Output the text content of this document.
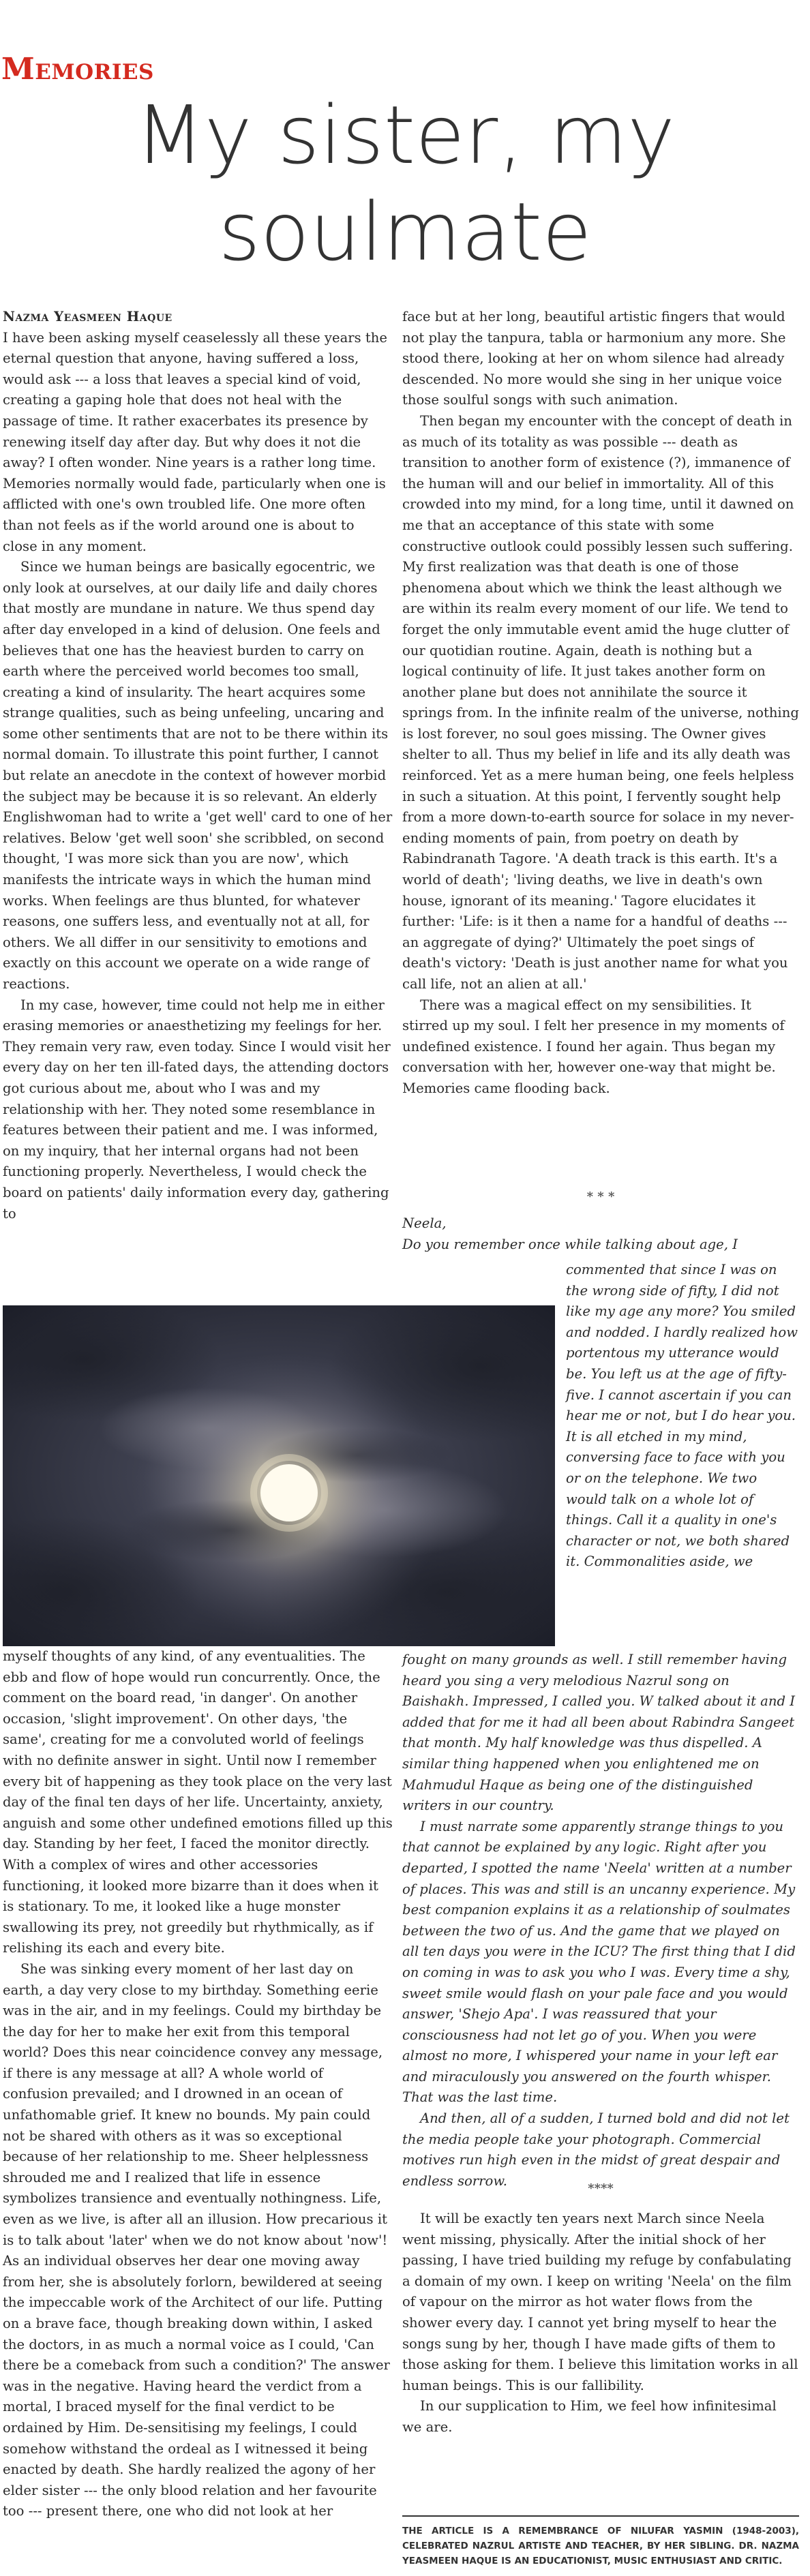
Memories
My sister, my
soulmate

Nazma Yeasmeen Haque

I have been asking myself ceaselessly all these years the eternal question that anyone, having suffered a loss, would ask --- a loss that leaves a special kind of void, creating a gaping hole that does not heal with the passage of time. It rather exacerbates its presence by renewing itself day after day. But why does it not die away? I often wonder. Nine years is a rather long time. Memories normally would fade, particularly when one is afflicted with one's own troubled life. One more often than not feels as if the world around one is about to close in any moment.

Since we human beings are basically egocentric, we only look at ourselves, at our daily life and daily chores that mostly are mundane in nature. We thus spend day after day enveloped in a kind of delusion. One feels and believes that one has the heaviest burden to carry on earth where the perceived world becomes too small, creating a kind of insularity. The heart acquires some strange qualities, such as being unfeeling, uncaring and some other sentiments that are not to be there within its normal domain. To illustrate this point further, I cannot but relate an anecdote in the context of however morbid the subject may be because it is so relevant. An elderly Englishwoman had to write a 'get well' card to one of her relatives. Below 'get well soon' she scribbled, on second thought, 'I was more sick than you are now', which manifests the intricate ways in which the human mind works. When feelings are thus blunted, for whatever reasons, one suffers less, and eventually not at all, for others. We all differ in our sensitivity to emotions and exactly on this account we operate on a wide range of reactions.

In my case, however, time could not help me in either erasing memories or anaesthetizing my feelings for her. They remain very raw, even today. Since I would visit her every day on her ten ill-fated days, the attending doctors got curious about me, about who I was and my relationship with her. They noted some resemblance in features between their patient and me. I was informed, on my inquiry, that her internal organs had not been functioning properly. Nevertheless, I would check the board on patients' daily information every day, gathering to

face but at her long, beautiful artistic fingers that would not play the tanpura, tabla or harmonium any more. She stood there, looking at her on whom silence had already descended. No more would she sing in her unique voice those soulful songs with such animation.

Then began my encounter with the concept of death in as much of its totality as was possible --- death as transition to another form of existence (?), immanence of the human will and our belief in immortality. All of this crowded into my mind, for a long time, until it dawned on me that an acceptance of this state with some constructive outlook could possibly lessen such suffering. My first realization was that death is one of those phenomena about which we think the least although we are within its realm every moment of our life. We tend to forget the only immutable event amid the huge clutter of our quotidian routine. Again, death is nothing but a logical continuity of life. It just takes another form on another plane but does not annihilate the source it springs from. In the infinite realm of the universe, nothing is lost forever, no soul goes missing. The Owner gives shelter to all. Thus my belief in life and its ally death was reinforced. Yet as a mere human being, one feels helpless in such a situation. At this point, I fervently sought help from a more down-to-earth source for solace in my never-ending moments of pain, from poetry on death by Rabindranath Tagore. 'A death track is this earth. It's a world of death'; 'living deaths, we live in death's own house, ignorant of its meaning.' Tagore elucidates it further: 'Life: is it then a name for a handful of deaths --- an aggregate of dying?' Ultimately the poet sings of death's victory: 'Death is just another name for what you call life, not an alien at all.'

There was a magical effect on my sensibilities. It stirred up my soul. I felt her presence in my moments of undefined existence. I found her again. Thus began my conversation with her, however one-way that might be. Memories came flooding back.

* * *

Neela,

Do you remember once while talking about age, I

commented that since I was on the wrong side of fifty, I did not like my age any more? You smiled and nodded. I hardly realized how portentous my utterance would be. You left us at the age of fifty-five. I cannot ascertain if you can hear me or not, but I do hear you. It is all etched in my mind, conversing face to face with you or on the telephone. We two would talk on a whole lot of things. Call it a quality in one's character or not, we both shared it. Commonalities aside, we

myself thoughts of any kind, of any eventualities. The ebb and flow of hope would run concurrently. Once, the comment on the board read, 'in danger'. On another occasion, 'slight improvement'. On other days, 'the same', creating for me a convoluted world of feelings with no definite answer in sight. Until now I remember every bit of happening as they took place on the very last day of the final ten days of her life. Uncertainty, anxiety, anguish and some other undefined emotions filled up this day. Standing by her feet, I faced the monitor directly. With a complex of wires and other accessories functioning, it looked more bizarre than it does when it is stationary. To me, it looked like a huge monster swallowing its prey, not greedily but rhythmically, as if relishing its each and every bite.

She was sinking every moment of her last day on earth, a day very close to my birthday. Something eerie was in the air, and in my feelings. Could my birthday be the day for her to make her exit from this temporal world? Does this near coincidence convey any message, if there is any message at all? A whole world of confusion prevailed; and I drowned in an ocean of unfathomable grief. It knew no bounds. My pain could not be shared with others as it was so exceptional because of her relationship to me. Sheer helplessness shrouded me and I realized that life in essence symbolizes transience and eventually nothingness. Life, even as we live, is after all an illusion. How precarious it is to talk about 'later' when we do not know about 'now'! As an individual observes her dear one moving away from her, she is absolutely forlorn, bewildered at seeing the impeccable work of the Architect of our life. Putting on a brave face, though breaking down within, I asked the doctors, in as much a normal voice as I could, 'Can there be a comeback from such a condition?' The answer was in the negative. Having heard the verdict from a mortal, I braced myself for the final verdict to be ordained by Him. De-sensitising my feelings, I could somehow withstand the ordeal as I witnessed it being enacted by death. She hardly realized the agony of her elder sister --- the only blood relation and her favourite too --- present there, one who did not look at her

fought on many grounds as well. I still remember having heard you sing a very melodious Nazrul song on Baishakh. Impressed, I called you. W talked about it and I added that for me it had all been about Rabindra Sangeet that month. My half knowledge was thus dispelled. A similar thing happened when you enlightened me on Mahmudul Haque as being one of the distinguished writers in our country.

I must narrate some apparently strange things to you that cannot be explained by any logic. Right after you departed, I spotted the name 'Neela' written at a number of places. This was and still is an uncanny experience. My best companion explains it as a relationship of soulmates between the two of us. And the game that we played on all ten days you were in the ICU? The first thing that I did on coming in was to ask you who I was. Every time a shy, sweet smile would flash on your pale face and you would answer, 'Shejo Apa'. I was reassured that your consciousness had not let go of you. When you were almost no more, I whispered your name in your left ear and miraculously you answered on the fourth whisper. That was the last time.

And then, all of a sudden, I turned bold and did not let the media people take your photograph. Commercial motives run high even in the midst of great despair and endless sorrow.	****

It will be exactly ten years next March since Neela went missing, physically. After the initial shock of her passing, I have tried building my refuge by confabulating a domain of my own. I keep on writing 'Neela' on the film of vapour on the mirror as hot water flows from the shower every day. I cannot yet bring myself to hear the songs sung by her, though I have made gifts of them to those asking for them. I believe this limitation works in all human beings. This is our fallibility.

In our supplication to Him, we feel how infinitesimal we are.

THE ARTICLE IS A REMEMBRANCE OF NILUFAR YASMIN (1948-2003), CELEBRATED NAZRUL ARTISTE AND TEACHER, BY HER SIBLING. DR. NAZMA YEASMEEN HAQUE IS AN EDUCATIONIST, MUSIC ENTHUSIAST AND CRITIC.
